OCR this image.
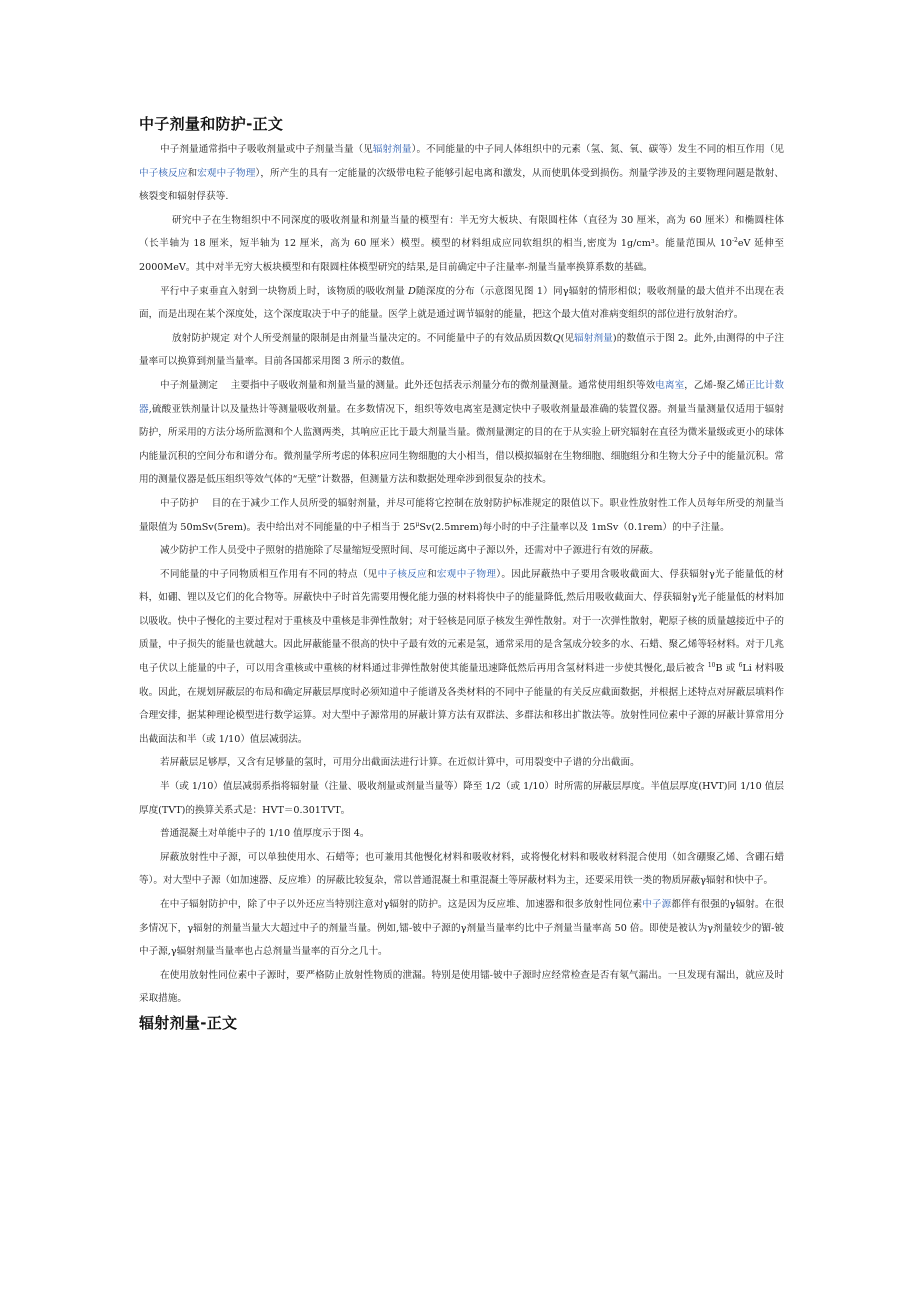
中子剂量和防护-正文

中子剂量通常指中子吸收剂量或中子剂量当量（见辐射剂量）。不同能量的中子同人体组织中的元素（氢、氮、氧、碳等）发生不同的相互作用（见中子核反应和宏观中子物理），所产生的具有一定能量的次级带电粒子能够引起电离和激发，从而使肌体受到损伤。剂量学涉及的主要物理问题是散射、核裂变和辐射俘获等.

研究中子在生物组织中不同深度的吸收剂量和剂量当量的模型有：半无穷大板块、有限圆柱体（直径为 30 厘米，高为 60 厘米）和椭圆柱体（长半轴为 18 厘米，短半轴为 12 厘米，高为 60 厘米）模型。模型的材料组成应同软组织的相当,密度为 1g/cm³。能量范围从 $10^{-2}eV$ 延伸至 2000MeV。其中对半无穷大板块模型和有限圆柱体模型研究的结果,是目前确定中子注量率-剂量当量率换算系数的基础。

平行中子束垂直入射到一块物质上时，该物质的吸收剂量 D随深度的分布（示意图见图 1）同γ辐射的情形相似；吸收剂量的最大值并不出现在表面，而是出现在某个深度处，这个深度取决于中子的能量。医学上就是通过调节辐射的能量，把这个最大值对准病变组织的部位进行放射治疗。

放射防护规定 对个人所受剂量的限制是由剂量当量决定的。不同能量中子的有效品质因数Q(见辐射剂量)的数值示于图 2。此外,由测得的中子注量率可以换算到剂量当量率。目前各国都采用图 3 所示的数值。

中子剂量测定　 主要指中子吸收剂量和剂量当量的测量。此外还包括表示剂量分布的微剂量测量。通常使用组织等效电离室，乙烯-聚乙烯正比计数器,硫酸亚铁剂量计以及量热计等测量吸收剂量。在多数情况下，组织等效电离室是测定快中子吸收剂量最准确的装置仪器。剂量当量测量仅适用于辐射防护，所采用的方法分场所监测和个人监测两类，其响应正比于最大剂量当量。微剂量测定的目的在于从实验上研究辐射在直径为微米量级或更小的球体内能量沉积的空间分布和谱分布。微剂量学所考虑的体积应同生物细胞的大小相当，借以模拟辐射在生物细胞、细胞组分和生物大分子中的能量沉积。常用的测量仪器是低压组织等效气体的“无壁”计数器，但测量方法和数据处理牵涉到很复杂的技术。

中子防护　 目的在于减少工作人员所受的辐射剂量，并尽可能将它控制在放射防护标准规定的限值以下。职业性放射性工作人员每年所受的剂量当量限值为 50mSv(5rem)。表中给出对不同能量的中子相当于 $25^\mu Sv(2.5mrem)$每小时的中子注量率以及 1mSv（0.1rem）的中子注量。

减少防护工作人员受中子照射的措施除了尽量缩短受照时间、尽可能远离中子源以外，还需对中子源进行有效的屏蔽。

不同能量的中子同物质相互作用有不同的特点（见中子核反应和宏观中子物理）。因此屏蔽热中子要用含吸收截面大、俘获辐射γ光子能量低的材料，如硼、锂以及它们的化合物等。屏蔽快中子时首先需要用慢化能力强的材料将快中子的能量降低,然后用吸收截面大、俘获辐射γ光子能量低的材料加以吸收。快中子慢化的主要过程对于重核及中重核是非弹性散射；对于轻核是同原子核发生弹性散射。对于一次弹性散射，靶原子核的质量越接近中子的质量，中子损失的能量也就越大。因此屏蔽能量不很高的快中子最有效的元素是氢，通常采用的是含氢成分较多的水、石蜡、聚乙烯等轻材料。对于几兆电子伏以上能量的中子，可以用含重核或中重核的材料通过非弹性散射使其能量迅速降低然后再用含氢材料进一步使其慢化,最后被含 $^{10}$B 或 $^6$Li 材料吸收。因此，在规划屏蔽层的布局和确定屏蔽层厚度时必须知道中子能谱及各类材料的不同中子能量的有关反应截面数据，并根据上述特点对屏蔽层填料作合理安排，据某种理论模型进行数学运算。对大型中子源常用的屏蔽计算方法有双群法、多群法和移出扩散法等。放射性同位素中子源的屏蔽计算常用分出截面法和半（或 1/10）值层减弱法。

若屏蔽层足够厚，又含有足够量的氢时，可用分出截面法进行计算。在近似计算中，可用裂变中子谱的分出截面。

半（或 1/10）值层减弱系指将辐射量（注量、吸收剂量或剂量当量等）降至 1/2（或 1/10）时所需的屏蔽层厚度。半值层厚度(HVT)同 1/10 值层厚度(TVT)的换算关系式是：HVT＝0.301TVT。

普通混凝土对单能中子的 1/10 值厚度示于图 4。

屏蔽放射性中子源，可以单独使用水、石蜡等；也可兼用其他慢化材料和吸收材料，或将慢化材料和吸收材料混合使用（如含硼聚乙烯、含硼石蜡等）。对大型中子源（如加速器、反应堆）的屏蔽比较复杂，常以普通混凝土和重混凝土等屏蔽材料为主，还要采用铁一类的物质屏蔽γ辐射和快中子。

在中子辐射防护中，除了中子以外还应当特别注意对γ辐射的防护。这是因为反应堆、加速器和很多放射性同位素中子源都伴有很强的γ辐射。在很多情况下，γ辐射的剂量当量大大超过中子的剂量当量。例如,镭-铍中子源的γ剂量当量率约比中子剂量当量率高 50 倍。即使是被认为γ剂量较少的镅-铍中子源,γ辐射剂量当量率也占总剂量当量率的百分之几十。

在使用放射性同位素中子源时，要严格防止放射性物质的泄漏。特别是使用镭-铍中子源时应经常检查是否有氡气漏出。一旦发现有漏出，就应及时采取措施。

辐射剂量-正文
